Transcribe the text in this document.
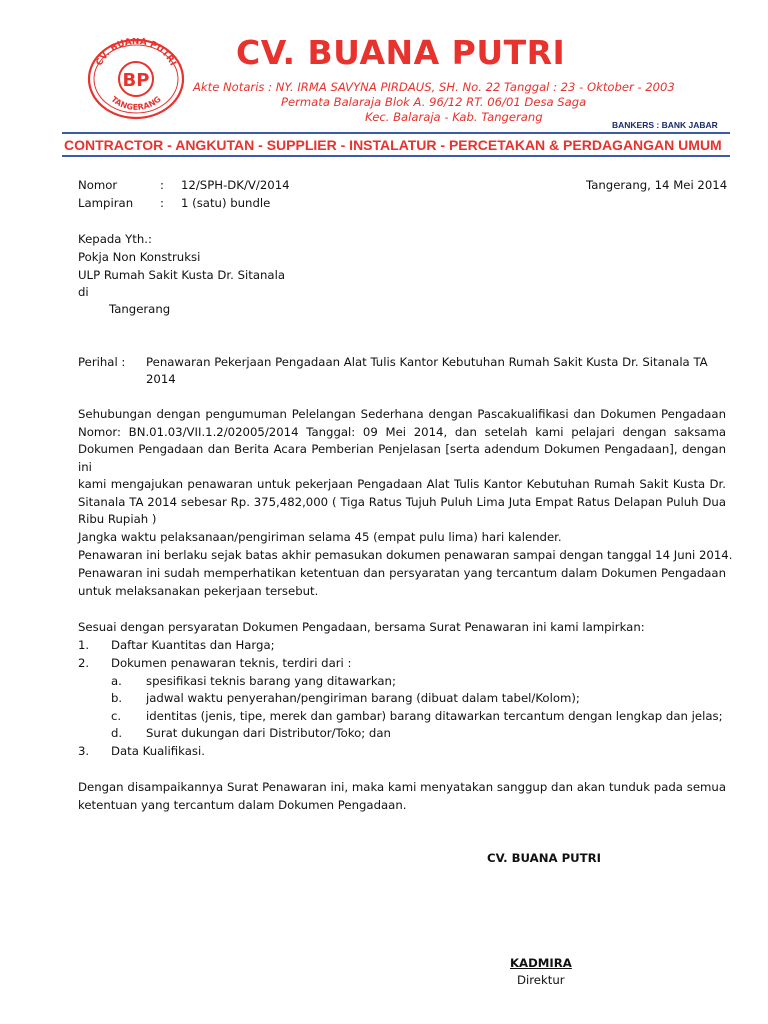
CV. BUANA PUTRI
TANGERANG
BP
CV. BUANA PUTRI
Akte Notaris : NY. IRMA SAVYNA PIRDAUS, SH. No. 22 Tanggal : 23 - Oktober - 2003
Permata Balaraja Blok A. 96/12 RT. 06/01 Desa Saga
Kec. Balaraja - Kab. Tangerang
BANKERS : BANK JABAR
CONTRACTOR - ANGKUTAN - SUPPLIER - INSTALATUR - PERCETAKAN & PERDAGANGAN UMUM
Nomor	: 12/SPH-DK/V/2014	Tangerang, 14 Mei 2014
Lampiran : 1 (satu) bundle
Kepada Yth.:
Pokja Non Konstruksi
ULP Rumah Sakit Kusta Dr. Sitanala
di
Tangerang
Perihal : Penawaran Pekerjaan Pengadaan Alat Tulis Kantor Kebutuhan Rumah Sakit Kusta Dr. Sitanala TA
2014
Sehubungan dengan pengumuman Pelelangan Sederhana dengan Pascakualifikasi dan Dokumen Pengadaan
Nomor: BN.01.03/VII.1.2/02005/2014 Tanggal: 09 Mei 2014, dan setelah kami pelajari dengan saksama
Dokumen Pengadaan dan Berita Acara Pemberian Penjelasan [serta adendum Dokumen Pengadaan], dengan ini
kami mengajukan penawaran untuk pekerjaan Pengadaan Alat Tulis Kantor Kebutuhan Rumah Sakit Kusta Dr.
Sitanala TA 2014 sebesar Rp. 375,482,000 ( Tiga Ratus Tujuh Puluh Lima Juta Empat Ratus Delapan Puluh Dua
Ribu Rupiah )
Jangka waktu pelaksanaan/pengiriman selama 45 (empat pulu lima) hari kalender.
Penawaran ini berlaku sejak batas akhir pemasukan dokumen penawaran sampai dengan tanggal 14 Juni 2014.
Penawaran ini sudah memperhatikan ketentuan dan persyaratan yang tercantum dalam Dokumen Pengadaan
untuk melaksanakan pekerjaan tersebut.
Sesuai dengan persyaratan Dokumen Pengadaan, bersama Surat Penawaran ini kami lampirkan:
1. Daftar Kuantitas dan Harga;
2. Dokumen penawaran teknis, terdiri dari :
a. spesifikasi teknis barang yang ditawarkan;
b. jadwal waktu penyerahan/pengiriman barang (dibuat dalam tabel/Kolom);
c. identitas (jenis, tipe, merek dan gambar) barang ditawarkan tercantum dengan lengkap dan jelas;
d. Surat dukungan dari Distributor/Toko; dan
3. Data Kualifikasi.
Dengan disampaikannya Surat Penawaran ini, maka kami menyatakan sanggup dan akan tunduk pada semua
ketentuan yang tercantum dalam Dokumen Pengadaan.
CV. BUANA PUTRI
KADMIRA
Direktur
